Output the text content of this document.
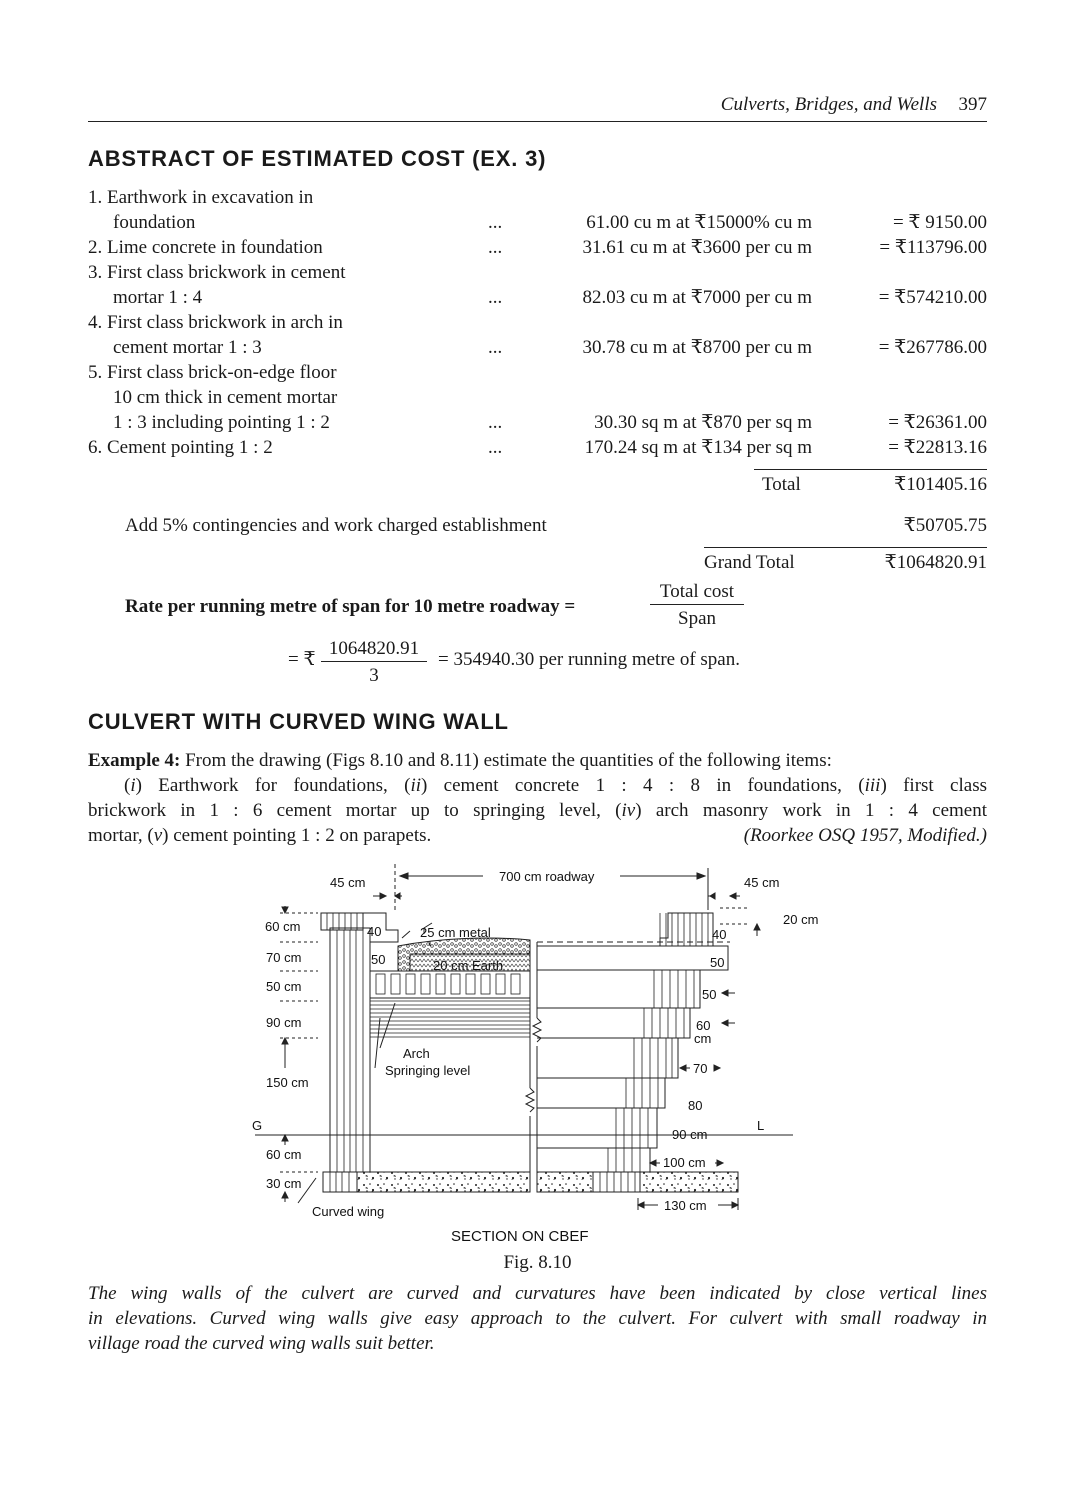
Culverts, Bridges, and Wells 397
ABSTRACT OF ESTIMATED COST (EX. 3)
1. Earthwork in excavation in
foundation	...	61.00 cu m at ₹15000% cu m	= ₹ 9150.00
2. Lime concrete in foundation	...	31.61 cu m at ₹3600 per cu m	= ₹113796.00
3. First class brickwork in cement
mortar 1 : 4	...	82.03 cu m at ₹7000 per cu m	= ₹574210.00
4. First class brickwork in arch in
cement mortar 1 : 3	...	30.78 cu m at ₹8700 per cu m	= ₹267786.00
5. First class brick-on-edge floor
10 cm thick in cement mortar
1 : 3 including pointing 1 : 2	...	30.30 sq m at ₹870 per sq m	= ₹26361.00
6. Cement pointing 1 : 2	...	170.24 sq m at ₹134 per sq m	= ₹22813.16
Total	₹101405.16
Add 5% contingencies and work charged establishment	₹50705.75
Grand Total	₹1064820.91
Rate per running metre of span for 10 metre roadway =
Total cost
Span
= ₹ $\frac{1064820.91}{3} = 354940.30$ per running metre of span.
CULVERT WITH CURVED WING WALL
Example 4: From the drawing (Figs 8.10 and 8.11) estimate the quantities of the following items:
(i) Earthwork for foundations, (ii) cement concrete 1 : 4 : 8 in foundations, (iii) first class
brickwork in 1 : 6 cement mortar up to springing level, (iv) arch masonry work in 1 : 4 cement
mortar, (v) cement pointing 1 : 2 on parapets.	(Roorkee OSQ 1957, Modified.)
700 cm roadway
45 cm	45 cm
20 cm
60 cm
70 cm
50 cm
90 cm
150 cm
60 cm
30 cm
40
50
25 cm metal
20 cm Earth
Arch
Springing level
Curved wing
G	L
40
50
50
60
cm
70
80
90 cm
100 cm
130 cm
SECTION ON CBEF
Fig. 8.10
The wing walls of the culvert are curved and curvatures have been indicated by close vertical lines
in elevations. Curved wing walls give easy approach to the culvert. For culvert with small roadway in
village road the curved wing walls suit better.
